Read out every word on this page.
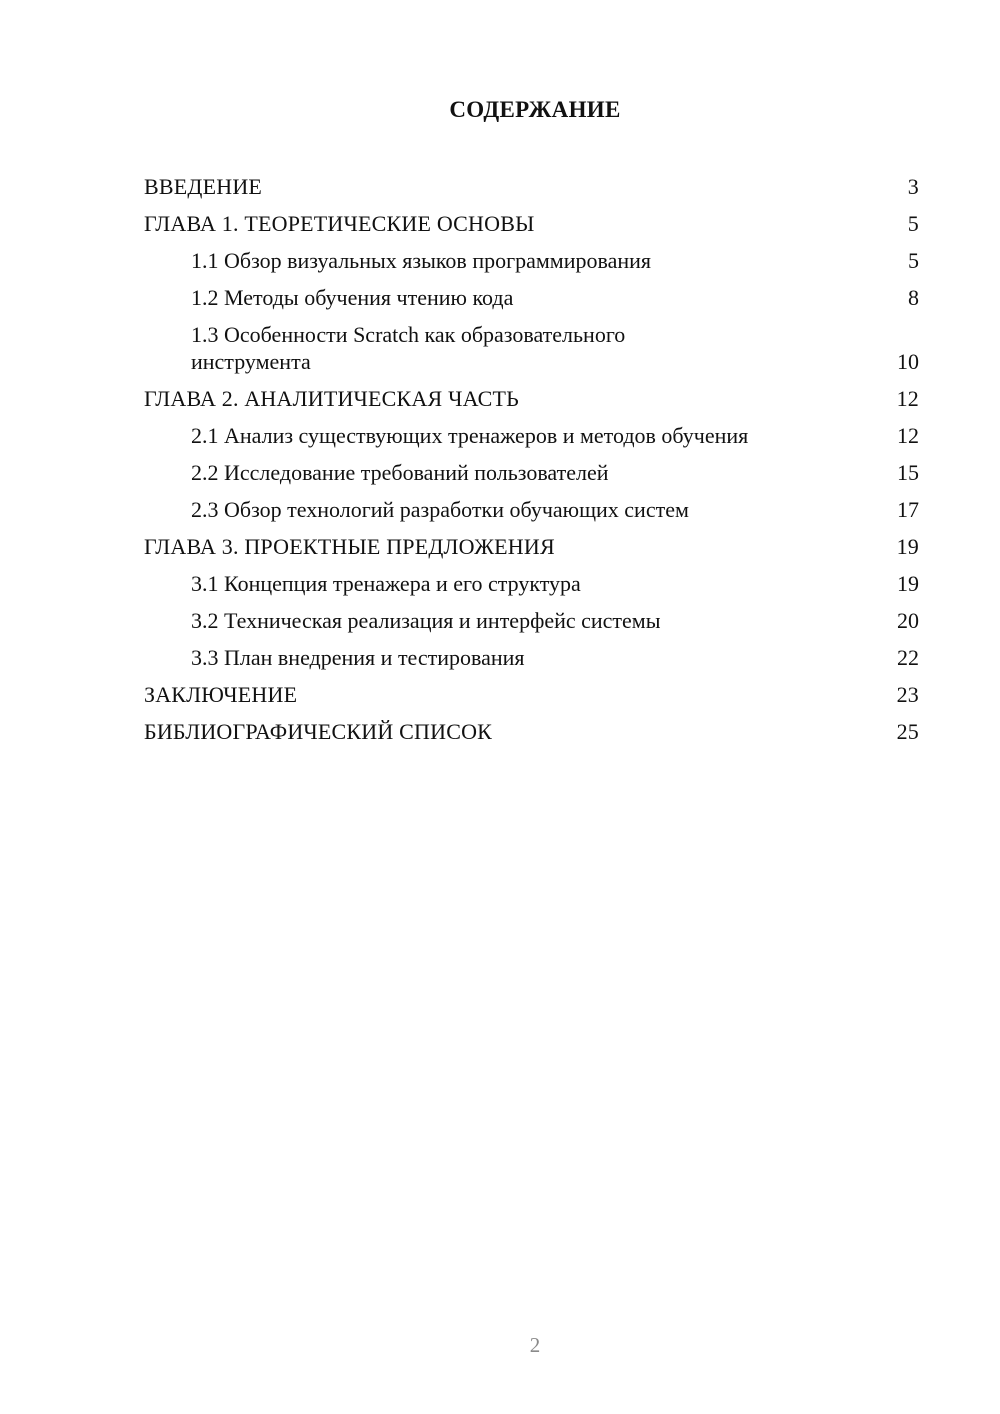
СОДЕРЖАНИЕ
ВВЕДЕНИЕ	3
ГЛАВА 1. ТЕОРЕТИЧЕСКИЕ ОСНОВЫ	5
1.1 Обзор визуальных языков программирования	5
1.2 Методы обучения чтению кода	8
1.3 Особенности Scratch как образовательного
инструмента	10
ГЛАВА 2. АНАЛИТИЧЕСКАЯ ЧАСТЬ	12
2.1 Анализ существующих тренажеров и методов обучения	12
2.2 Исследование требований пользователей	15
2.3 Обзор технологий разработки обучающих систем	17
ГЛАВА 3. ПРОЕКТНЫЕ ПРЕДЛОЖЕНИЯ	19
3.1 Концепция тренажера и его структура	19
3.2 Техническая реализация и интерфейс системы	20
3.3 План внедрения и тестирования	22
ЗАКЛЮЧЕНИЕ	23
БИБЛИОГРАФИЧЕСКИЙ СПИСОК	25
2
